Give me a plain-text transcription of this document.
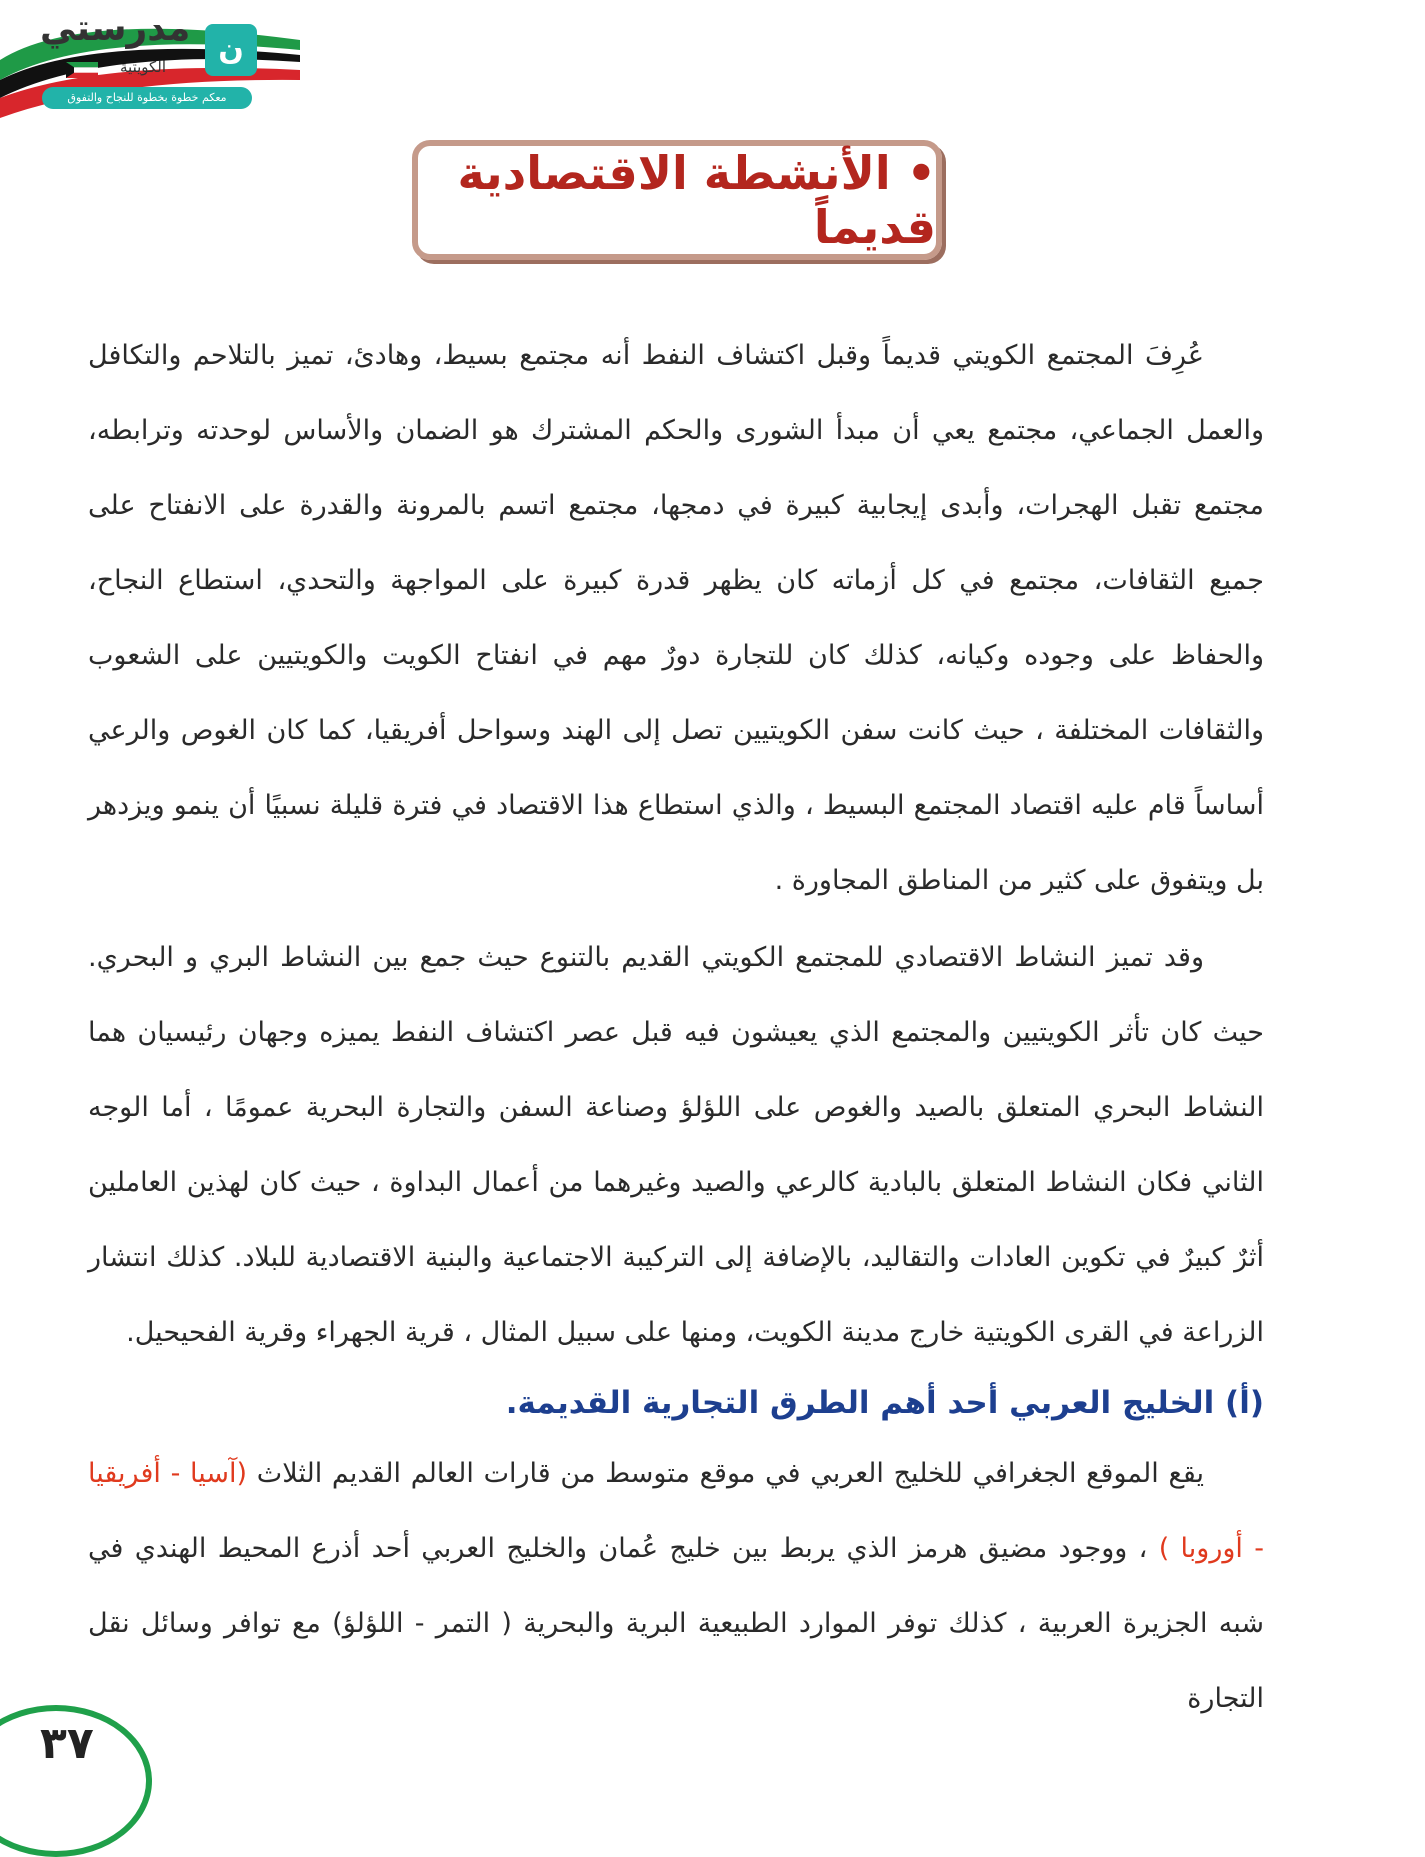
ن
مدرستي
الكويتية
معكم خطوة بخطوة للنجاح والتفوق
• الأنشطة الاقتصادية قديماً

عُرِفَ المجتمع الكويتي قديماً وقبل اكتشاف النفط أنه مجتمع بسيط، وهادئ، تميز بالتلاحم والتكافل والعمل الجماعي، مجتمع يعي أن مبدأ الشورى والحكم المشترك هو الضمان والأساس لوحدته وترابطه، مجتمع تقبل الهجرات، وأبدى إيجابية كبيرة في دمجها، مجتمع اتسم بالمرونة والقدرة على الانفتاح على جميع الثقافات، مجتمع في كل أزماته كان يظهر قدرة كبيرة على المواجهة والتحدي، استطاع النجاح، والحفاظ على وجوده وكيانه، كذلك كان للتجارة دورٌ مهم في انفتاح الكويت والكويتيين على الشعوب والثقافات المختلفة ، حيث كانت سفن الكويتيين تصل إلى الهند وسواحل أفريقيا، كما كان الغوص والرعي أساساً قام عليه اقتصاد المجتمع البسيط ، والذي استطاع هذا الاقتصاد في فترة قليلة نسبيًا أن ينمو ويزدهر بل ويتفوق على كثير من المناطق المجاورة .

وقد تميز النشاط الاقتصادي للمجتمع الكويتي القديم بالتنوع حيث جمع بين النشاط البري و البحري. حيث كان تأثر الكويتيين والمجتمع الذي يعيشون فيه قبل عصر اكتشاف النفط يميزه وجهان رئيسيان هما النشاط البحري المتعلق بالصيد والغوص على اللؤلؤ وصناعة السفن والتجارة البحرية عمومًا ، أما الوجه الثاني فكان النشاط المتعلق بالبادية كالرعي والصيد وغيرهما من أعمال البداوة ، حيث كان لهذين العاملين أثرٌ كبيرٌ في تكوين العادات والتقاليد، بالإضافة إلى التركيبة الاجتماعية والبنية الاقتصادية للبلاد. كذلك انتشار الزراعة في القرى الكويتية خارج مدينة الكويت، ومنها على سبيل المثال ، قرية الجهراء وقرية الفحيحيل.

(أ) الخليج العربي أحد أهم الطرق التجارية القديمة.

يقع الموقع الجغرافي للخليج العربي في موقع متوسط من قارات العالم القديم الثلاث (آسيا - أفريقيا - أوروبا ) ، ووجود مضيق هرمز الذي يربط بين خليج عُمان والخليج العربي أحد أذرع المحيط الهندي في شبه الجزيرة العربية ، كذلك توفر الموارد الطبيعية البرية والبحرية ( التمر - اللؤلؤ) مع توافر وسائل نقل التجارة

٣٧
